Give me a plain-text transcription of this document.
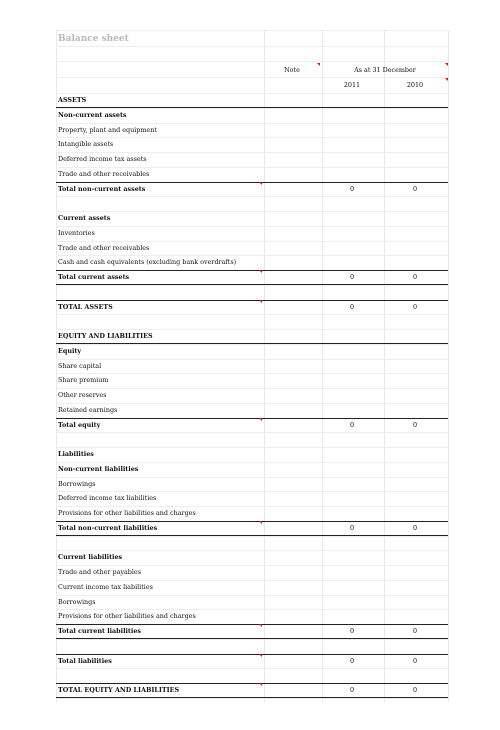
Balance sheet
Note	As at 31 December
2011	2010
ASSETS
Non-current assets
Property, plant and equipment
Intangible assets
Deferred income tax assets
Trade and other receivables
Total non-current assets	0	0
Current assets
Inventories
Trade and other receivables
Cash and cash equivalents (excluding bank overdrafts)
Total current assets	0	0
TOTAL ASSETS	0	0
EQUITY AND LIABILITIES
Equity
Share capital
Share premium
Other reserves
Retained earnings
Total equity	0	0
Liabilities
Non-current liabilities
Borrowings
Deferred income tax liabilities
Provisions for other liabilities and charges
Total non-current liabilities	0	0
Current liabilities
Trade and other payables
Current income tax liabilities
Borrowings
Provisions for other liabilities and charges
Total current liabilities	0	0
Total liabilities	0	0
TOTAL EQUITY AND LIABILITIES	0	0
